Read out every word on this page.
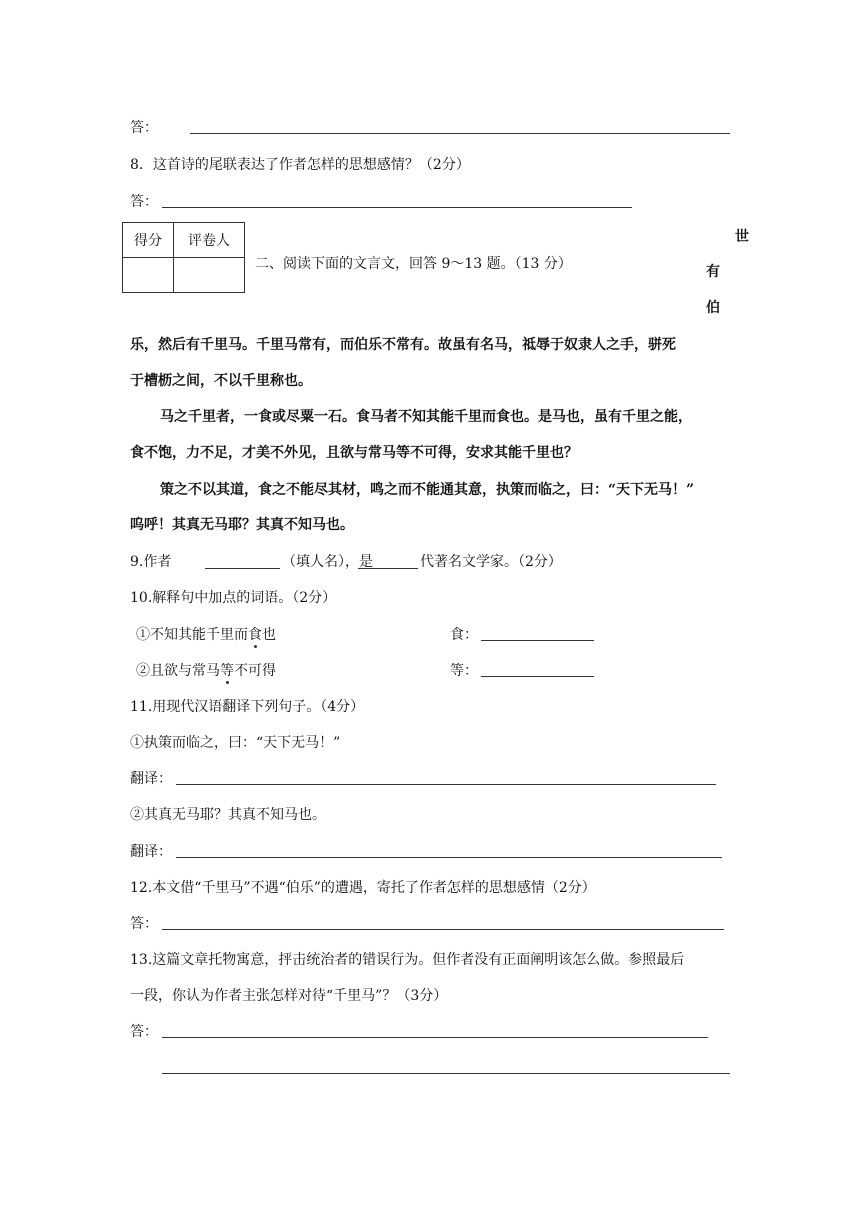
答：
8．这首诗的尾联表达了作者怎样的思想感情？（2分）
答：
得分	评卷人

二、阅读下面的文言文，回答 9～13 题。（13 分）
世
有
伯
乐，然后有千里马。千里马常有，而伯乐不常有。故虽有名马，祗辱于奴隶人之手，骈死
于槽枥之间，不以千里称也。
马之千里者，一食或尽粟一石。食马者不知其能千里而食也。是马也，虽有千里之能，
食不饱，力不足，才美不外见，且欲与常马等不可得，安求其能千里也？
策之不以其道，食之不能尽其材，鸣之而不能通其意，执策而临之，曰：“天下无马！”
呜呼！其真无马耶？其真不知马也。
9.作者	（填人名），是	代著名文学家。（2分）
10.解释句中加点的词语。（2分）
①不知其能千里而食也	食：
②且欲与常马等不可得	等：
11.用现代汉语翻译下列句子。（4分）
①执策而临之，曰：“天下无马！”
翻译：
②其真无马耶？其真不知马也。
翻译：
12.本文借“千里马”不遇“伯乐”的遭遇，寄托了作者怎样的思想感情（2分）
答：
13.这篇文章托物寓意，抨击统治者的错误行为。但作者没有正面阐明该怎么做。参照最后
一段，你认为作者主张怎样对待“千里马”？（3分）
答：
